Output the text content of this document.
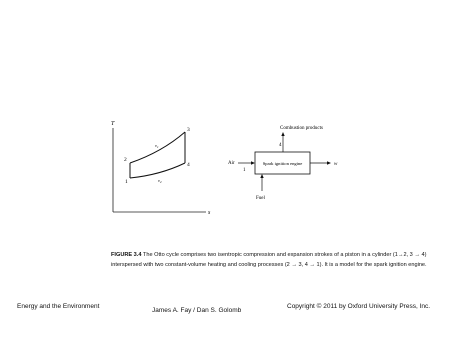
T
s
1
2
3
4
$v_1$
$v_2$
Spark ignition engine
Combustion products
4
Air
1
w
Fuel
FIGURE 3.4 The Otto cycle comprises two isentropic compression and expansion strokes of a piston in a cylinder (1→2, 3 → 4) interspersed with two constant-volume heating and cooling processes (2 → 3, 4 → 1). It is a model for the spark ignition engine.
Energy and the Environment
James A. Fay / Dan S. Golomb
Copyright © 2011 by Oxford University Press, Inc.
